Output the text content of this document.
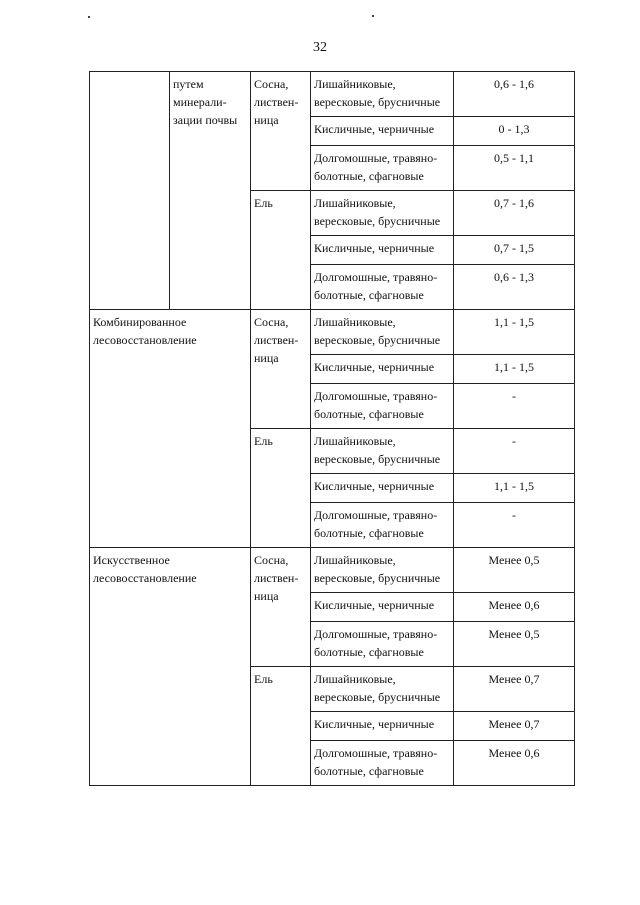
32

	путем
минерали-
зации почвы	Сосна,
листвен-
ница	Лишайниковые,
вересковые, брусничные	0,6 - 1,6

			Кисличные, черничные	0 - 1,3

			Долгомошные, травяно-
болотные, сфагновые	0,5 - 1,1

		Ель	Лишайниковые,
вересковые, брусничные	0,7 - 1,6

			Кисличные, черничные	0,7 - 1,5

			Долгомошные, травяно-
болотные, сфагновые	0,6 - 1,3

Комбинированное
лесовосстановление		Сосна,
листвен-
ница	Лишайниковые,
вересковые, брусничные	1,1 - 1,5

			Кисличные, черничные	1,1 - 1,5

			Долгомошные, травяно-
болотные, сфагновые	-

		Ель	Лишайниковые,
вересковые, брусничные	-

			Кисличные, черничные	1,1 - 1,5

			Долгомошные, травяно-
болотные, сфагновые	-

Искусственное
лесовосстановление		Сосна,
листвен-
ница	Лишайниковые,
вересковые, брусничные	Менее 0,5

			Кисличные, черничные	Менее 0,6

			Долгомошные, травяно-
болотные, сфагновые	Менее 0,5

		Ель	Лишайниковые,
вересковые, брусничные	Менее 0,7

			Кисличные, черничные	Менее 0,7

			Долгомошные, травяно-
болотные, сфагновые	Менее 0,6
